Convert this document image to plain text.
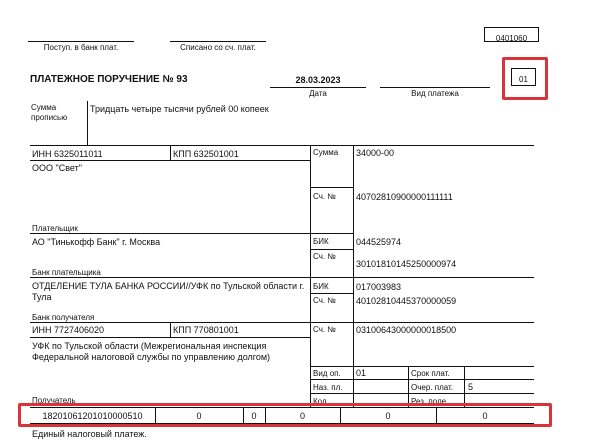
0401060
Поступ. в банк плат.	Списано со сч. плат.
ПЛАТЕЖНОЕ ПОРУЧЕНИЕ № 93	28.03.2023
Дата	Вид платежа
01
Сумма
прописью
Тридцать четыре тысячи рублей 00 копеек
ИНН 6325011011	КПП 632501001
ООО "Свет"
Плательщик
АО "Тинькофф Банк" г. Москва
Банк плательщика
ОТДЕЛЕНИЕ ТУЛА БАНКА РОССИИ//УФК по Тульской области г.
Тула
Банк получателя
ИНН 7727406020	КПП 770801001
УФК по Тульской области (Межрегиональная инспекция
Федеральной налоговой службы по управлению долгом)
Получатель
Сумма 34000-00
Сч. № 40702810900000111111
БИК	044525974
Сч. №
30101810145250000974
БИК	017003983
Сч. № 40102810445370000059
Сч. № 03100643000000018500
Вид оп. 01	Срок плат.
Наз. пл.	Очер. плат. 5
Код	Рез. поле
18201061201010000510	0	0	0	0	0
Единый налоговый платеж.
